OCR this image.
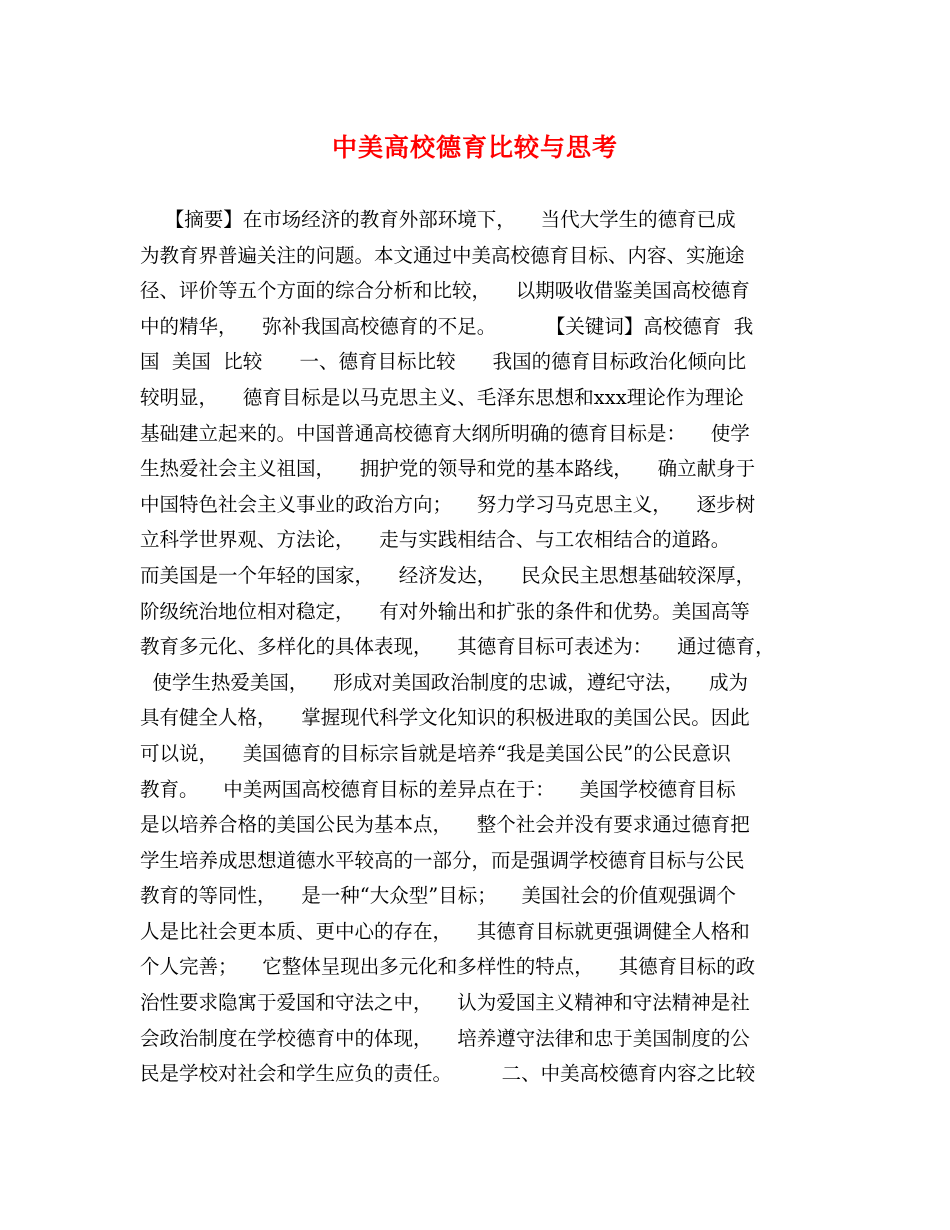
中美高校德育比较与思考
【摘要】在市场经济的教育外部环境下，    当代大学生的德育已成
为教育界普遍关注的问题。本文通过中美高校德育目标、内容、实施途
径、评价等五个方面的综合分析和比较，    以期吸收借鉴美国高校德育
中的精华，    弥补我国高校德育的不足。        【关键词】高校德育  我
国  美国  比较      一、德育目标比较      我国的德育目标政治化倾向比
较明显，    德育目标是以马克思主义、毛泽东思想和xxx理论作为理论
基础建立起来的。中国普通高校德育大纲所明确的德育目标是：    使学
生热爱社会主义祖国，    拥护党的领导和党的基本路线，    确立献身于
中国特色社会主义事业的政治方向；    努力学习马克思主义，    逐步树
立科学世界观、方法论，    走与实践相结合、与工农相结合的道路。
而美国是一个年轻的国家，    经济发达，    民众民主思想基础较深厚，
阶级统治地位相对稳定，    有对外输出和扩张的条件和优势。美国高等
教育多元化、多样化的具体表现，    其德育目标可表述为：    通过德育，
使学生热爱美国，    形成对美国政治制度的忠诚，遵纪守法，    成为
具有健全人格，    掌握现代科学文化知识的积极进取的美国公民。因此
可以说，    美国德育的目标宗旨就是培养“我是美国公民”的公民意识
教育。    中美两国高校德育目标的差异点在于：    美国学校德育目标
是以培养合格的美国公民为基本点，    整个社会并没有要求通过德育把
学生培养成思想道德水平较高的一部分，而是强调学校德育目标与公民
教育的等同性，    是一种“大众型”目标；    美国社会的价值观强调个
人是比社会更本质、更中心的存在，    其德育目标就更强调健全人格和
个人完善；    它整体呈现出多元化和多样性的特点，    其德育目标的政
治性要求隐寓于爱国和守法之中，    认为爱国主义精神和守法精神是社
会政治制度在学校德育中的体现，    培养遵守法律和忠于美国制度的公
民是学校对社会和学生应负的责任。        二、中美高校德育内容之比较
